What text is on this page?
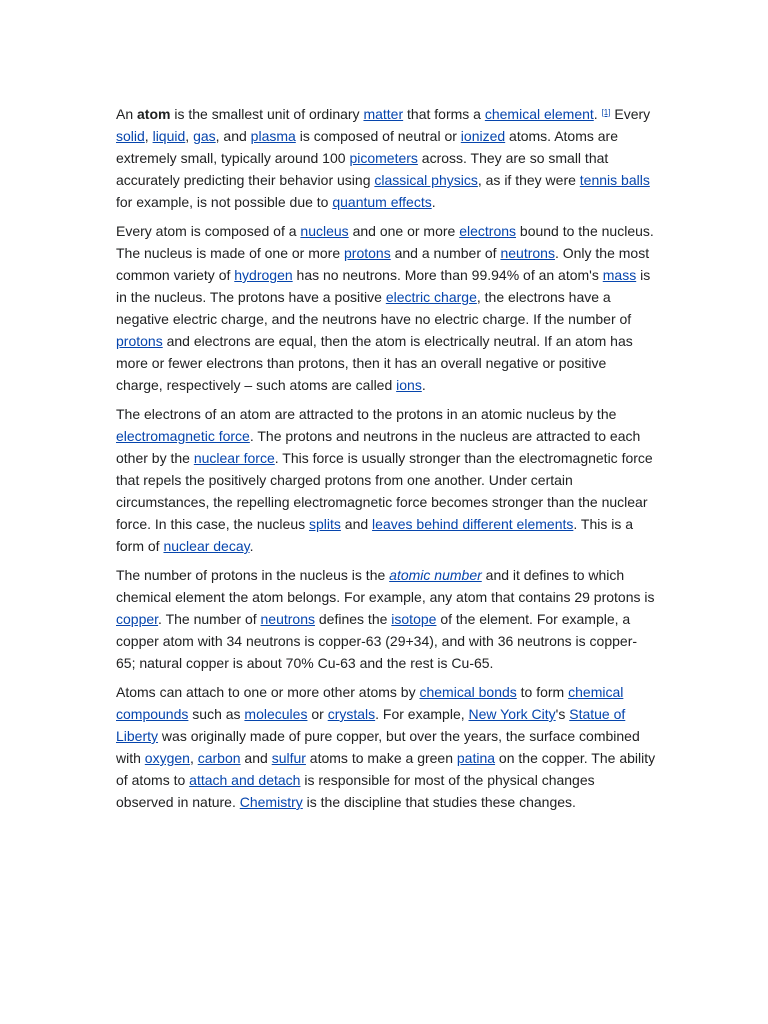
An atom is the smallest unit of ordinary matter that forms a chemical element. [1] Every solid, liquid, gas, and plasma is composed of neutral or ionized atoms. Atoms are extremely small, typically around 100 picometers across. They are so small that accurately predicting their behavior using classical physics, as if they were tennis balls for example, is not possible due to quantum effects.

Every atom is composed of a nucleus and one or more electrons bound to the nucleus. The nucleus is made of one or more protons and a number of neutrons. Only the most common variety of hydrogen has no neutrons. More than 99.94% of an atom's mass is in the nucleus. The protons have a positive electric charge, the electrons have a negative electric charge, and the neutrons have no electric charge. If the number of protons and electrons are equal, then the atom is electrically neutral. If an atom has more or fewer electrons than protons, then it has an overall negative or positive charge, respectively – such atoms are called ions.

The electrons of an atom are attracted to the protons in an atomic nucleus by the electromagnetic force. The protons and neutrons in the nucleus are attracted to each other by the nuclear force. This force is usually stronger than the electromagnetic force that repels the positively charged protons from one another. Under certain circumstances, the repelling electromagnetic force becomes stronger than the nuclear force. In this case, the nucleus splits and leaves behind different elements. This is a form of nuclear decay.

The number of protons in the nucleus is the atomic number and it defines to which chemical element the atom belongs. For example, any atom that contains 29 protons is copper. The number of neutrons defines the isotope of the element. For example, a copper atom with 34 neutrons is copper-63 (29+34), and with 36 neutrons is copper-65; natural copper is about 70% Cu-63 and the rest is Cu-65.

Atoms can attach to one or more other atoms by chemical bonds to form chemical compounds such as molecules or crystals. For example, New York City's Statue of Liberty was originally made of pure copper, but over the years, the surface combined with oxygen, carbon and sulfur atoms to make a green patina on the copper. The ability of atoms to attach and detach is responsible for most of the physical changes observed in nature. Chemistry is the discipline that studies these changes.
